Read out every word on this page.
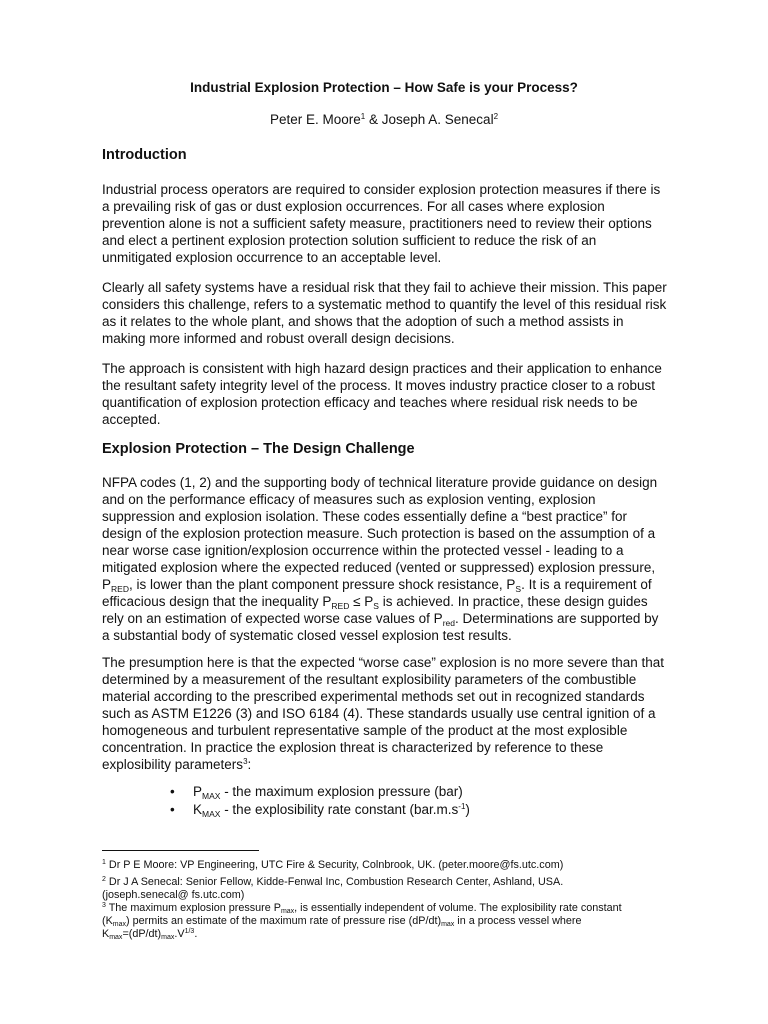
Industrial Explosion Protection – How Safe is your Process?
Peter E. Moore$^1$ & Joseph A. Senecal$^2$
Introduction

Industrial process operators are required to consider explosion protection measures if there is a prevailing risk of gas or dust explosion occurrences. For all cases where explosion prevention alone is not a sufficient safety measure, practitioners need to review their options and elect a pertinent explosion protection solution sufficient to reduce the risk of an unmitigated explosion occurrence to an acceptable level.

Clearly all safety systems have a residual risk that they fail to achieve their mission. This paper considers this challenge, refers to a systematic method to quantify the level of this residual risk as it relates to the whole plant, and shows that the adoption of such a method assists in making more informed and robust overall design decisions.

The approach is consistent with high hazard design practices and their application to enhance the resultant safety integrity level of the process. It moves industry practice closer to a robust quantification of explosion protection efficacy and teaches where residual risk needs to be accepted.

Explosion Protection – The Design Challenge

NFPA codes (1, 2) and the supporting body of technical literature provide guidance on design and on the performance efficacy of measures such as explosion venting, explosion suppression and explosion isolation. These codes essentially define a “best practice” for design of the explosion protection measure. Such protection is based on the assumption of a near worse case ignition/explosion occurrence within the protected vessel - leading to a mitigated explosion where the expected reduced (vented or suppressed) explosion pressure, $P_{RED}$, is lower than the plant component pressure shock resistance, $P_S$. It is a requirement of efficacious design that the inequality $P_{RED} \le P_S$ is achieved. In practice, these design guides rely on an estimation of expected worse case values of $P_{red}$. Determinations are supported by a substantial body of systematic closed vessel explosion test results.

The presumption here is that the expected “worse case” explosion is no more severe than that determined by a measurement of the resultant explosibility parameters of the combustible material according to the prescribed experimental methods set out in recognized standards such as ASTM E1226 (3) and ISO 6184 (4). These standards usually use central ignition of a homogeneous and turbulent representative sample of the product at the most explosible concentration. In practice the explosion threat is characterized by reference to these explosibility parameters$^3$:

• $P_{MAX}$ - the maximum explosion pressure (bar)
• $K_{MAX}$ - the explosibility rate constant $(bar.m.s^{-1})$
$^1$ Dr P E Moore: VP Engineering, UTC Fire & Security, Colnbrook, UK. (peter.moore@fs.utc.com)
$^2$ Dr J A Senecal: Senior Fellow, Kidde-Fenwal Inc, Combustion Research Center, Ashland, USA.
(joseph.senecal@ fs.utc.com)
$^3$ The maximum explosion pressure $P_{max}$, is essentially independent of volume. The explosibility rate constant
$(K_{max})$ permits an estimate of the maximum rate of pressure rise $(dP/dt)_{max}$ in a process vessel where
$K_{max}=(dP/dt)_{max}.V^{1/3}$.
